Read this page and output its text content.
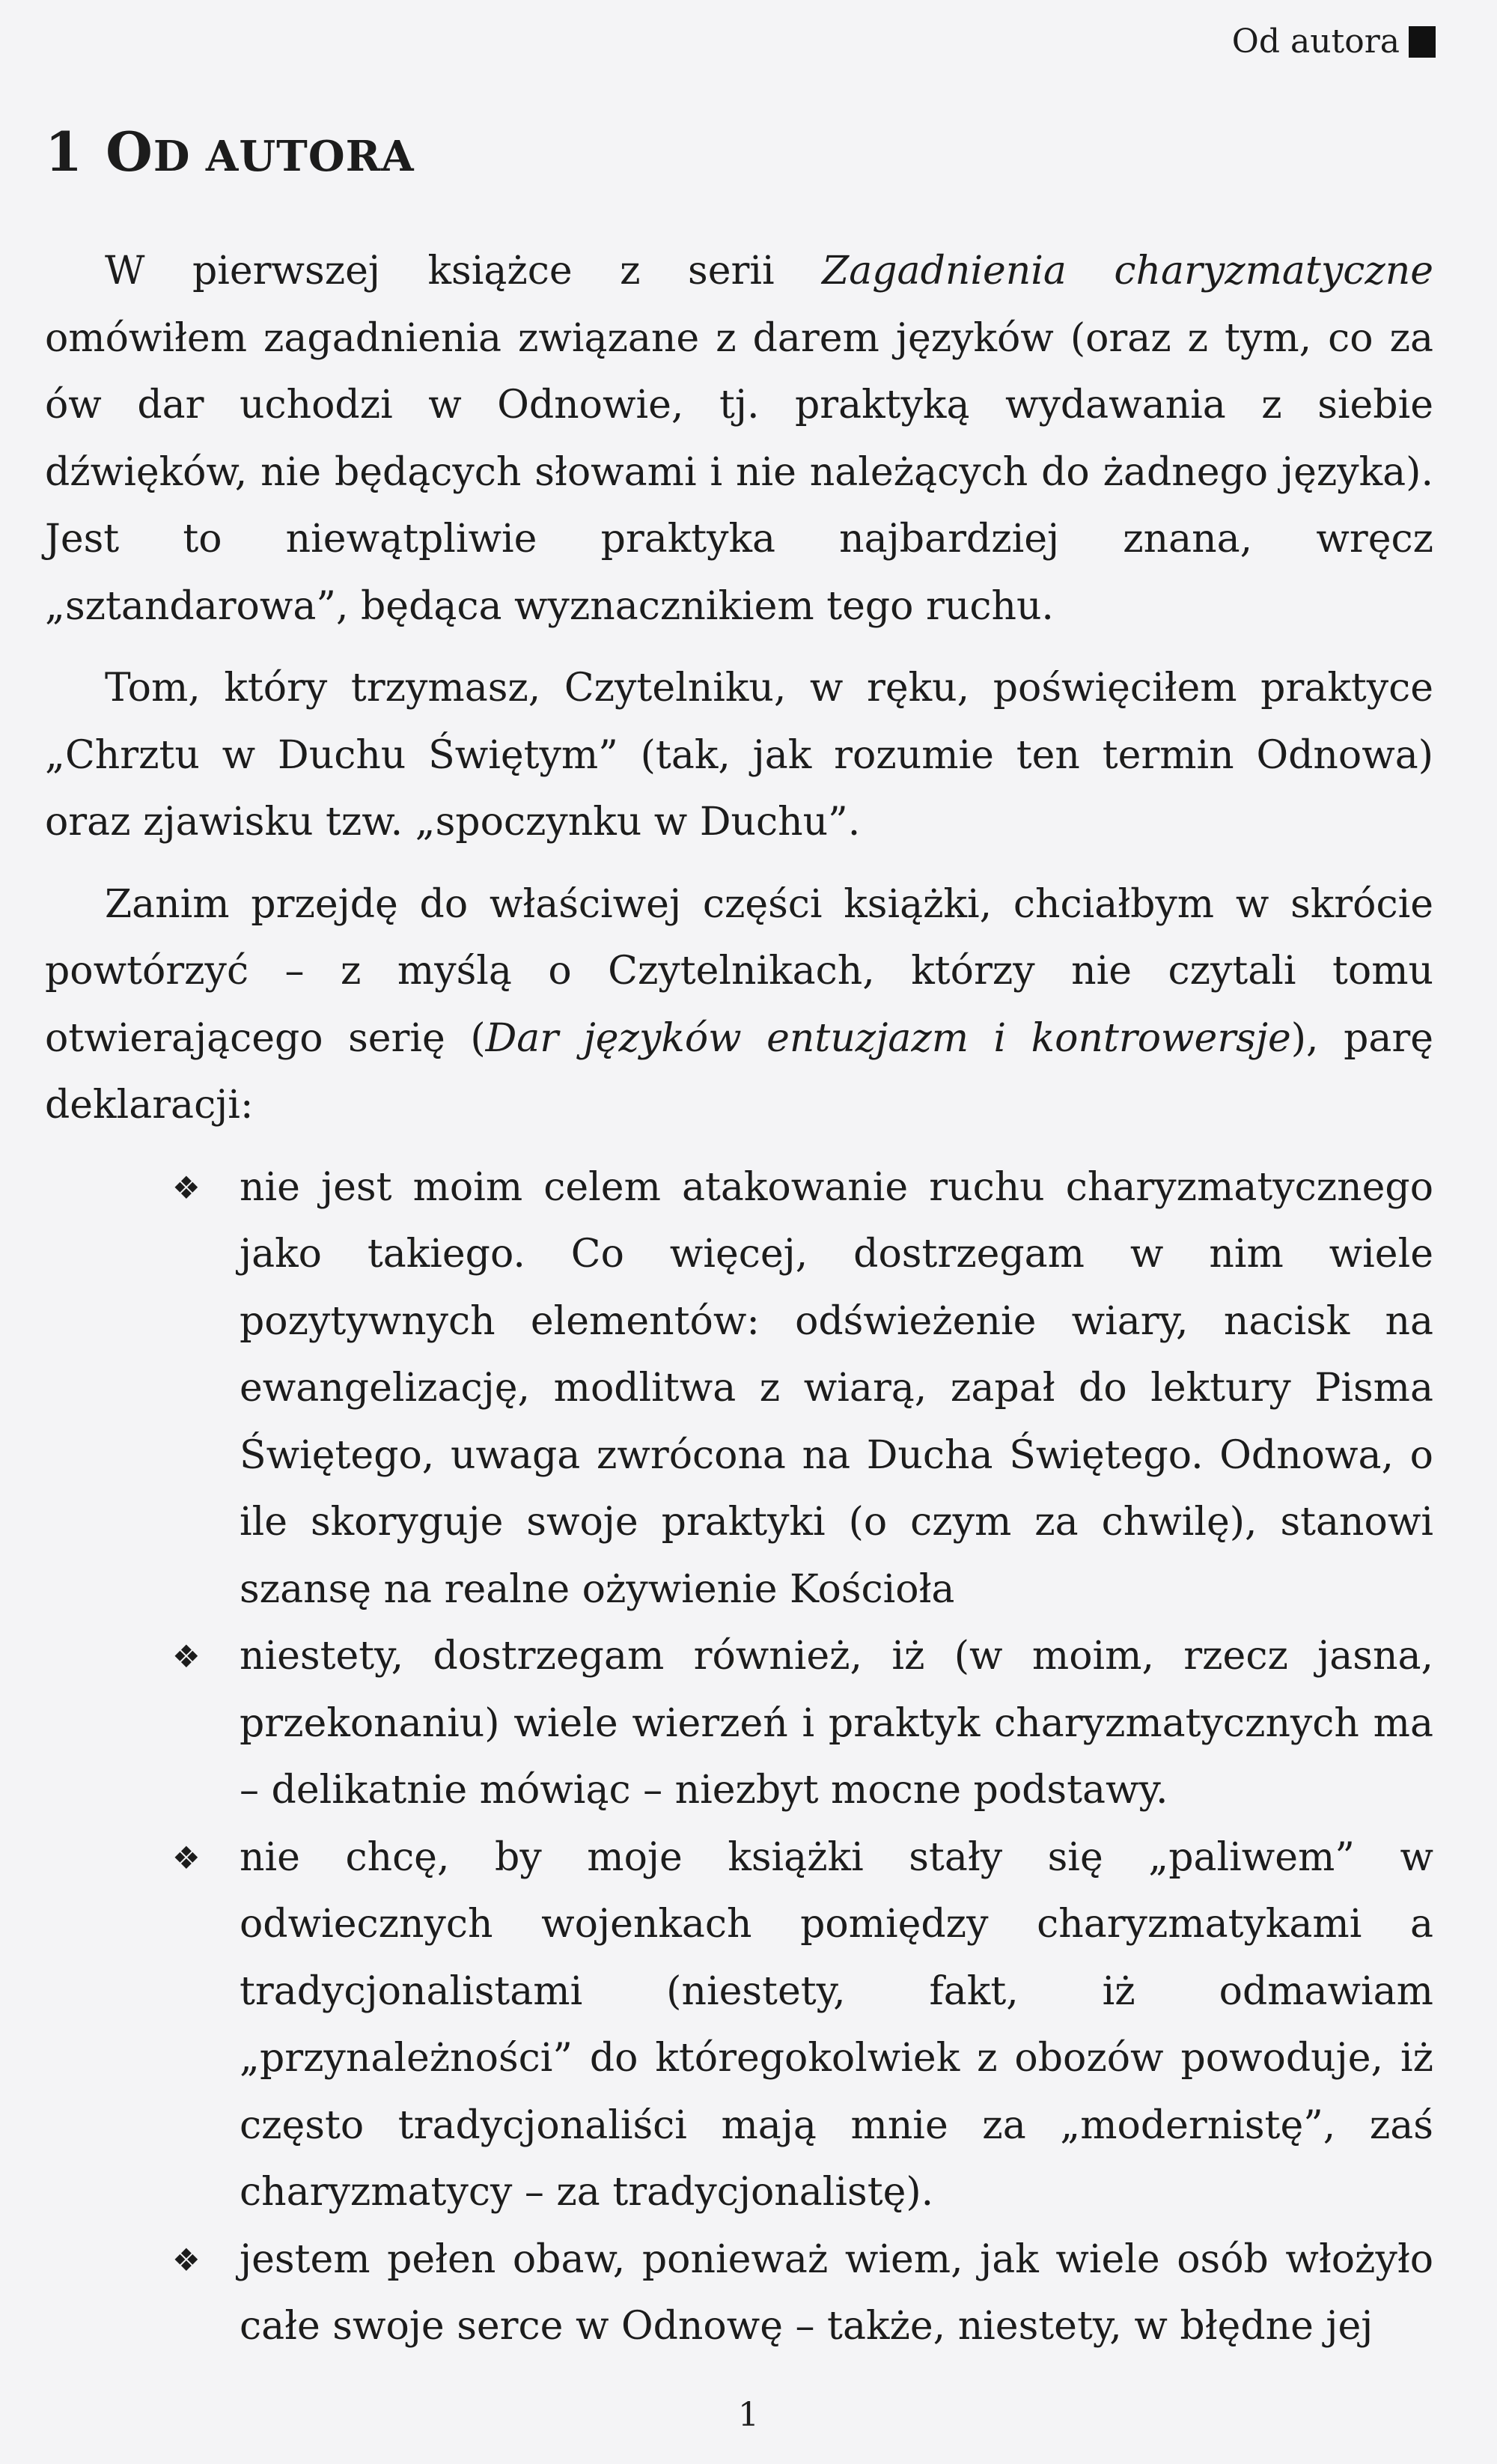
Od autora
1 OD AUTORA

W pierwszej książce z serii Zagadnienia charyzmatyczne omówiłem zagadnienia związane z darem języków (oraz z tym, co za ów dar uchodzi w Odnowie, tj. praktyką wydawania z siebie dźwięków, nie będących słowami i nie należących do żadnego języka). Jest to niewątpliwie praktyka najbardziej znana, wręcz „sztandarowa”, będąca wyznacznikiem tego ruchu.

Tom, który trzymasz, Czytelniku, w ręku, poświęciłem praktyce „Chrztu w Duchu Świętym” (tak, jak rozumie ten termin Odnowa) oraz zjawisku tzw. „spoczynku w Duchu”.

Zanim przejdę do właściwej części książki, chciałbym w skrócie powtórzyć – z myślą o Czytelnikach, którzy nie czytali tomu otwierającego serię (Dar języków entuzjazm i kontrowersje), parę deklaracji:

❖ nie jest moim celem atakowanie ruchu charyzmatycznego jako takiego. Co więcej, dostrzegam w nim wiele pozytywnych elementów: odświeżenie wiary, nacisk na ewangelizację, modlitwa z wiarą, zapał do lektury Pisma Świętego, uwaga zwrócona na Ducha Świętego. Odnowa, o ile skoryguje swoje praktyki (o czym za chwilę), stanowi szansę na realne ożywienie Kościoła
❖ niestety, dostrzegam również, iż (w moim, rzecz jasna, przekonaniu) wiele wierzeń i praktyk charyzmatycznych ma – delikatnie mówiąc – niezbyt mocne podstawy.
❖ nie chcę, by moje książki stały się „paliwem” w odwiecznych wojenkach pomiędzy charyzmatykami a tradycjonalistami (niestety, fakt, iż odmawiam „przynależności” do któregokolwiek z obozów powoduje, iż często tradycjonaliści mają mnie za „modernistę”, zaś charyzmatycy – za tradycjonalistę).
❖ jestem pełen obaw, ponieważ wiem, jak wiele osób włożyło całe swoje serce w Odnowę – także, niestety, w błędne jej
1
